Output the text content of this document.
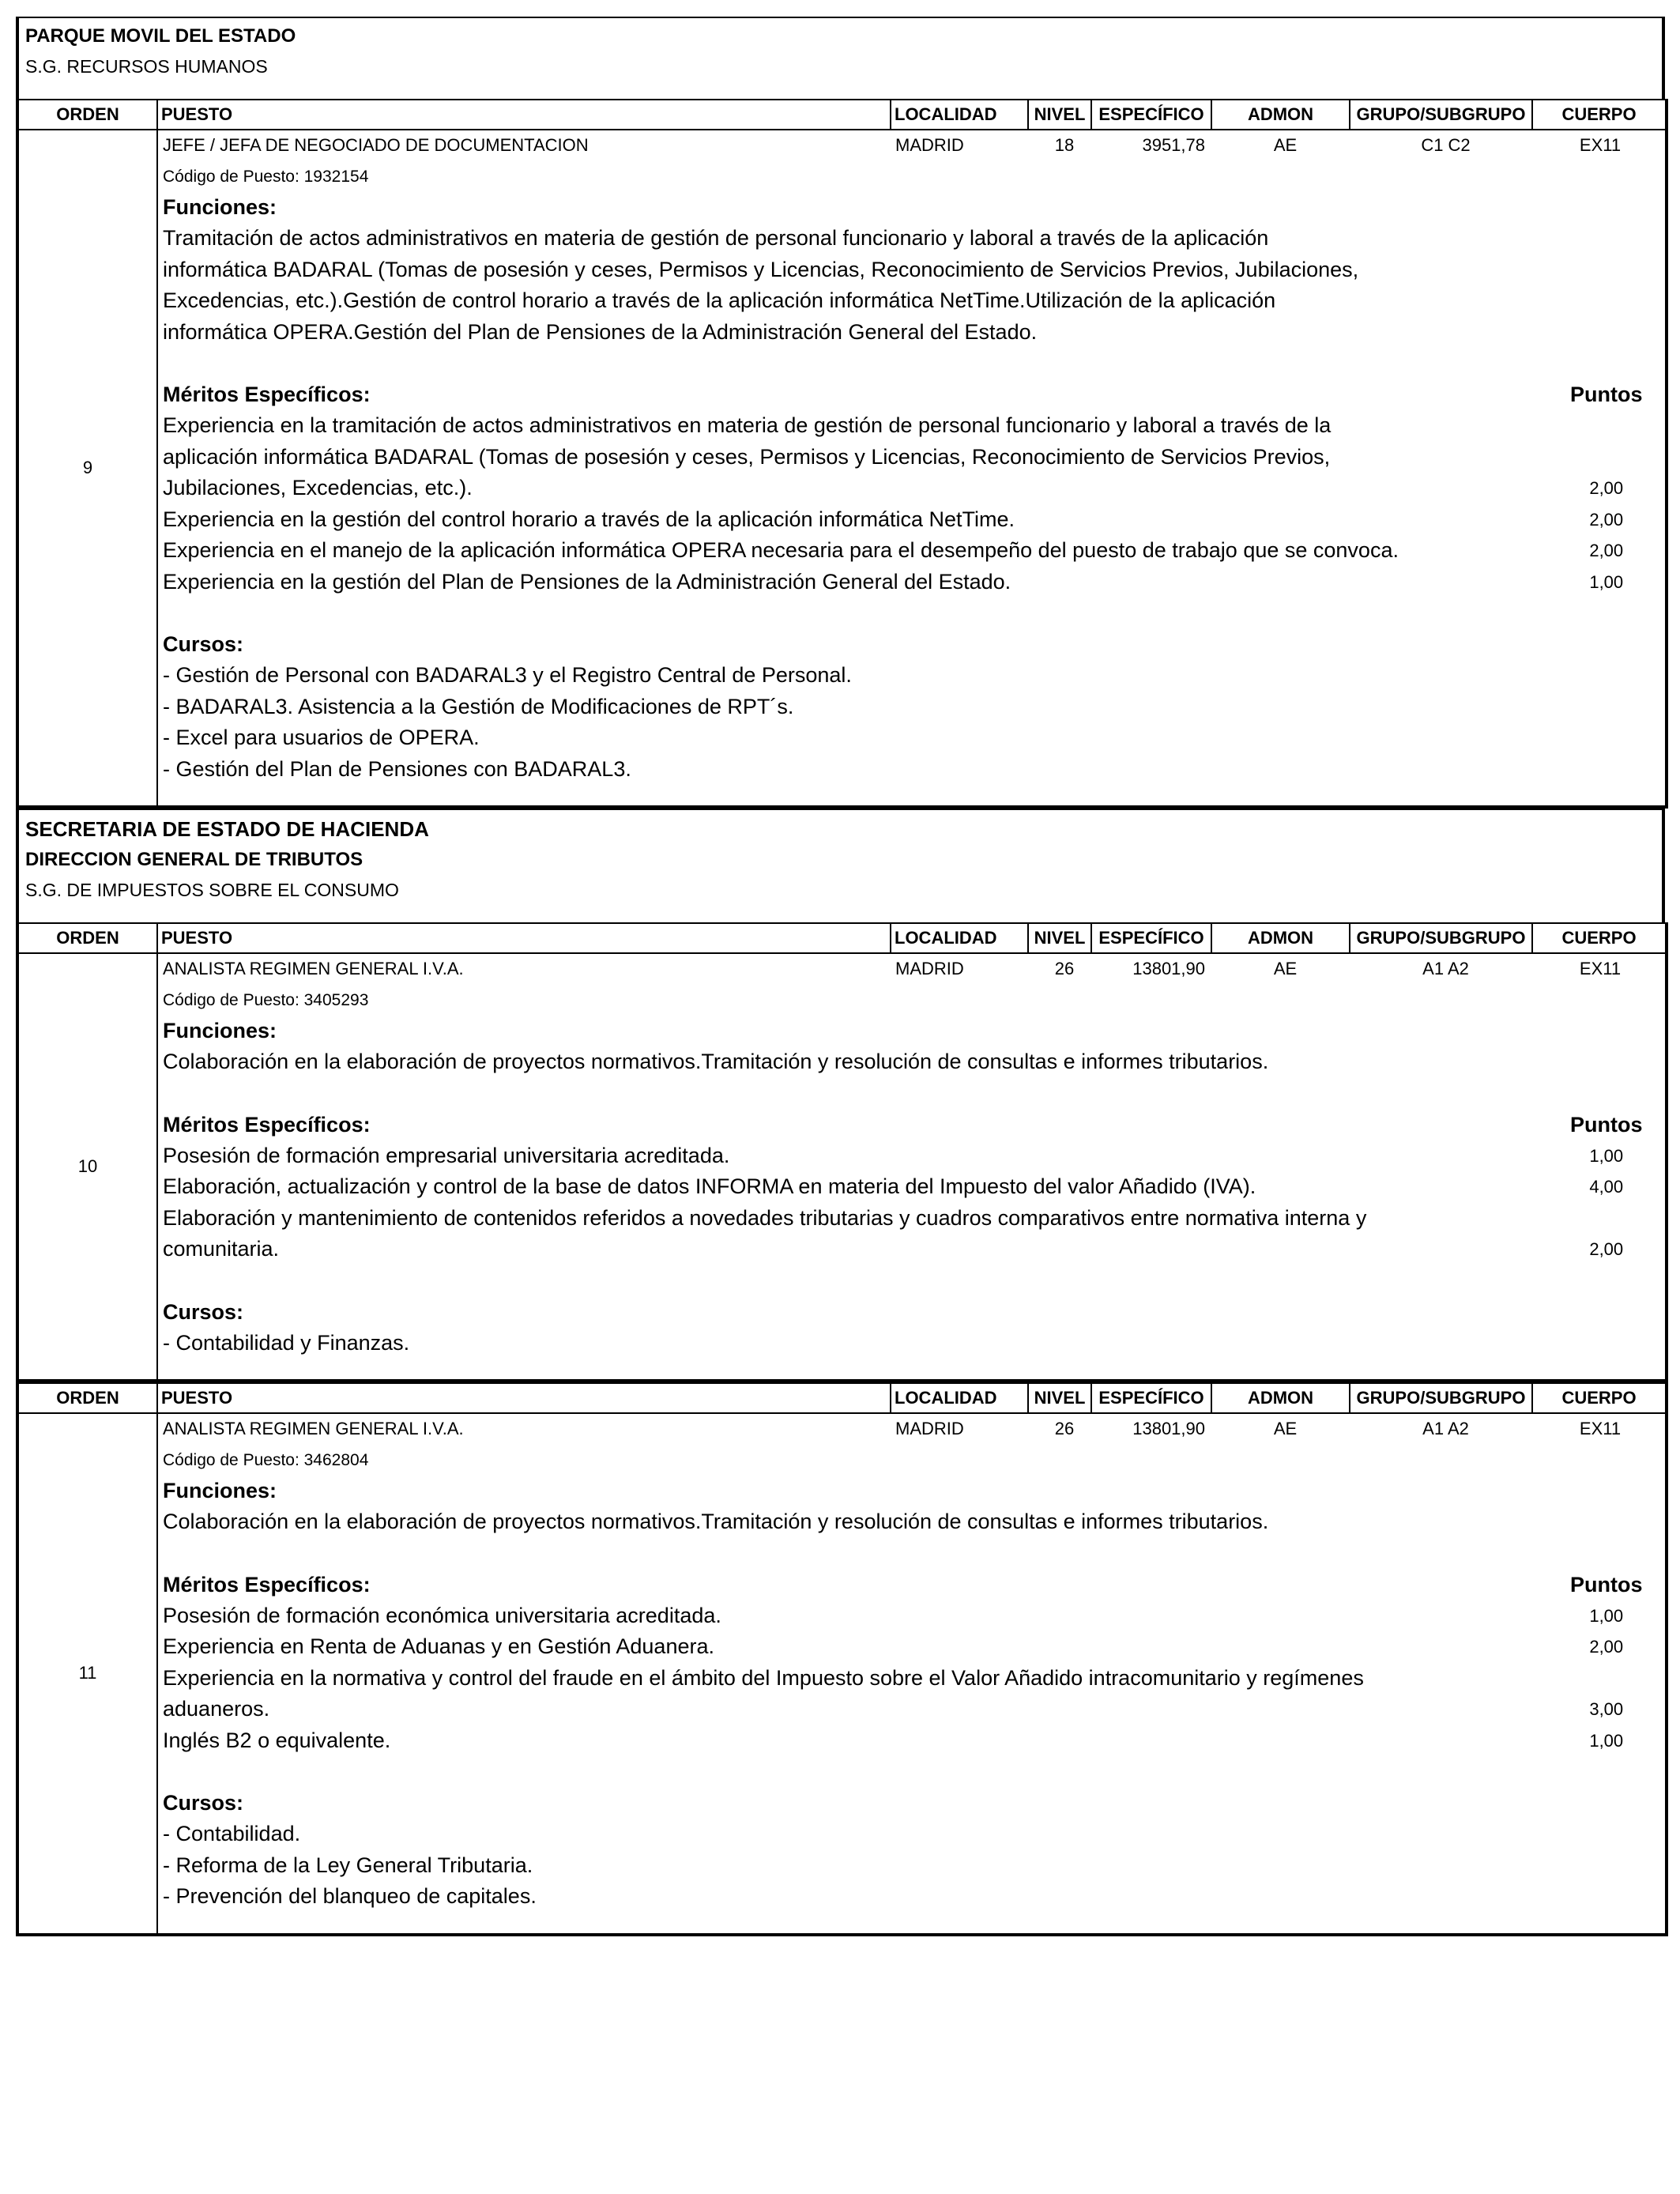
PARQUE MOVIL DEL ESTADO
S.G. RECURSOS HUMANOS
ORDEN	PUESTO	LOCALIDAD	NIVEL	ESPECÍFICO	ADMON	GRUPO/SUBGRUPO	CUERPO
9	
JEFE / JEFA DE NEGOCIADO DE DOCUMENTACION	MADRID	18	3951,78	AE	C1 C2	EX11
Código de Puesto: 1932154
Funciones:
Tramitación de actos administrativos en materia de gestión de personal funcionario y laboral a través de la aplicación
informática BADARAL (Tomas de posesión y ceses, Permisos y Licencias, Reconocimiento de Servicios Previos, Jubilaciones,
Excedencias, etc.).Gestión de control horario a través de la aplicación informática NetTime.Utilización de la aplicación
informática OPERA.Gestión del Plan de Pensiones de la Administración General del Estado.
Méritos Específicos:	Puntos
Experiencia en la tramitación de actos administrativos en materia de gestión de personal funcionario y laboral a través de la
aplicación informática BADARAL (Tomas de posesión y ceses, Permisos y Licencias, Reconocimiento de Servicios Previos,
Jubilaciones, Excedencias, etc.).	2,00
Experiencia en la gestión del control horario a través de la aplicación informática NetTime.	2,00
Experiencia en el manejo de la aplicación informática OPERA necesaria para el desempeño del puesto de trabajo que se convoca.	2,00
Experiencia en la gestión del Plan de Pensiones de la Administración General del Estado.	1,00
Cursos:
- Gestión de Personal con BADARAL3 y el Registro Central de Personal.
- BADARAL3. Asistencia a la Gestión de Modificaciones de RPT´s.
- Excel para usuarios de OPERA.
- Gestión del Plan de Pensiones con BADARAL3.
SECRETARIA DE ESTADO DE HACIENDA
DIRECCION GENERAL DE TRIBUTOS
S.G. DE IMPUESTOS SOBRE EL CONSUMO
ORDEN	PUESTO	LOCALIDAD	NIVEL	ESPECÍFICO	ADMON	GRUPO/SUBGRUPO	CUERPO
10	
ANALISTA REGIMEN GENERAL I.V.A.	MADRID	26	13801,90	AE	A1 A2	EX11
Código de Puesto: 3405293
Funciones:
Colaboración en la elaboración de proyectos normativos.Tramitación y resolución de consultas e informes tributarios.
Méritos Específicos:	Puntos
Posesión de formación empresarial universitaria acreditada.	1,00
Elaboración, actualización y control de la base de datos INFORMA en materia del Impuesto del valor Añadido (IVA).	4,00
Elaboración y mantenimiento de contenidos referidos a novedades tributarias y cuadros comparativos entre normativa interna y
comunitaria.	2,00
Cursos:
- Contabilidad y Finanzas.
ORDEN	PUESTO	LOCALIDAD	NIVEL	ESPECÍFICO	ADMON	GRUPO/SUBGRUPO	CUERPO
11	
ANALISTA REGIMEN GENERAL I.V.A.	MADRID	26	13801,90	AE	A1 A2	EX11
Código de Puesto: 3462804
Funciones:
Colaboración en la elaboración de proyectos normativos.Tramitación y resolución de consultas e informes tributarios.
Méritos Específicos:	Puntos
Posesión de formación económica universitaria acreditada.	1,00
Experiencia en Renta de Aduanas y en Gestión Aduanera.	2,00
Experiencia en la normativa y control del fraude en el ámbito del Impuesto sobre el Valor Añadido intracomunitario y regímenes
aduaneros.	3,00
Inglés B2 o equivalente.	1,00
Cursos:
- Contabilidad.
- Reforma de la Ley General Tributaria.
- Prevención del blanqueo de capitales.
